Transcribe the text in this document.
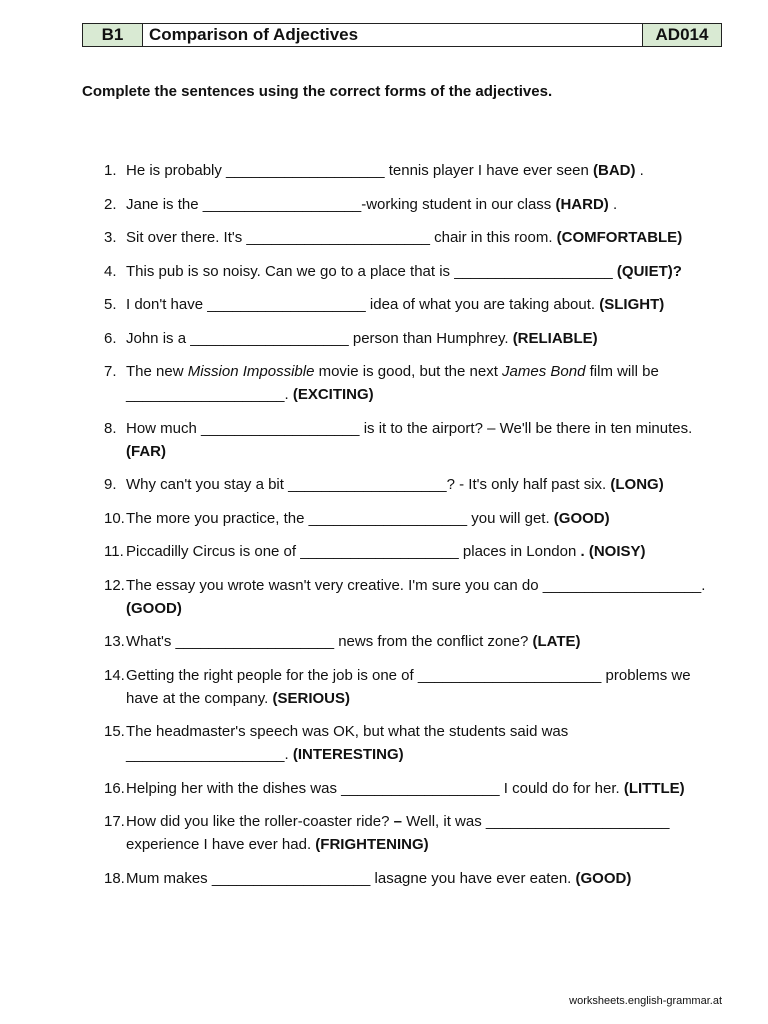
B1	Comparison of Adjectives	AD014
Complete the sentences using the correct forms of the adjectives.
1. He is probably ___________________ tennis player I have ever seen (BAD) .
2. Jane is the ___________________-working student in our class (HARD) .
3. Sit over there. It's ______________________ chair in this room. (COMFORTABLE)
4. This pub is so noisy. Can we go to a place that is ___________________ (QUIET)?
5. I don't have ___________________ idea of what you are taking about. (SLIGHT)
6. John is a ___________________ person than Humphrey. (RELIABLE)
7. The new Mission Impossible movie is good, but the next James Bond film will be ___________________. (EXCITING)
8. How much ___________________ is it to the airport? – We'll be there in ten minutes. (FAR)
9. Why can't you stay a bit ___________________? - It's only half past six. (LONG)
10. The more you practice, the ___________________ you will get. (GOOD)
11. Piccadilly Circus is one of ___________________ places in London . (NOISY)
12. The essay you wrote wasn't very creative. I'm sure you can do ___________________. (GOOD)
13. What's ___________________ news from the conflict zone? (LATE)
14. Getting the right people for the job is one of ______________________ problems we have at the company. (SERIOUS)
15. The headmaster's speech was OK, but what the students said was ___________________. (INTERESTING)
16. Helping her with the dishes was ___________________ I could do for her. (LITTLE)
17. How did you like the roller-coaster ride? – Well, it was ______________________ experience I have ever had. (FRIGHTENING)
18. Mum makes ___________________ lasagne you have ever eaten. (GOOD)
worksheets.english-grammar.at
